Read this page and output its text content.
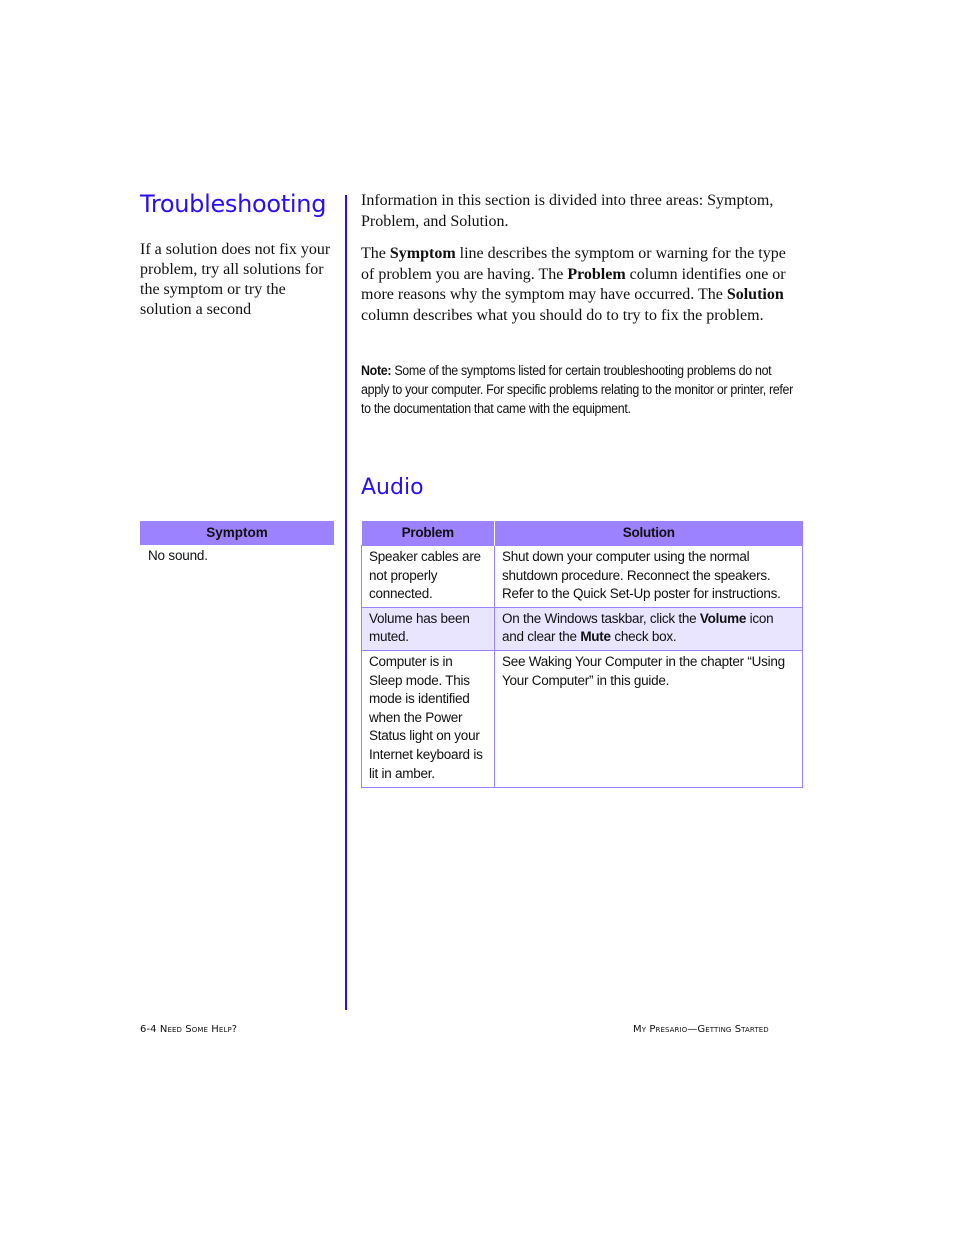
Troubleshooting
If a solution does not fix your problem, try all solutions for the symptom or try the solution a second

Information in this section is divided into three areas: Symptom, Problem, and Solution.

The Symptom line describes the symptom or warning for the type of problem you are having. The Problem column identifies one or more reasons why the symptom may have occurred. The Solution column describes what you should do to try to fix the problem.

Note: Some of the symptoms listed for certain troubleshooting problems do not apply to your computer. For specific problems relating to the monitor or printer, refer to the documentation that came with the equipment.
Audio
Symptom
No sound.
Problem	Solution
Speaker cables are not properly connected.	Shut down your computer using the normal shutdown procedure. Reconnect the speakers. Refer to the Quick Set-Up poster for instructions.
Volume has been muted.	On the Windows taskbar, click the Volume icon and clear the Mute check box.
Computer is in Sleep mode. This mode is identified when the Power Status light on your Internet keyboard is lit in amber.	See Waking Your Computer in the chapter “Using Your Computer” in this guide.
6-4 Need Some Help?	My Presario—Getting Started
